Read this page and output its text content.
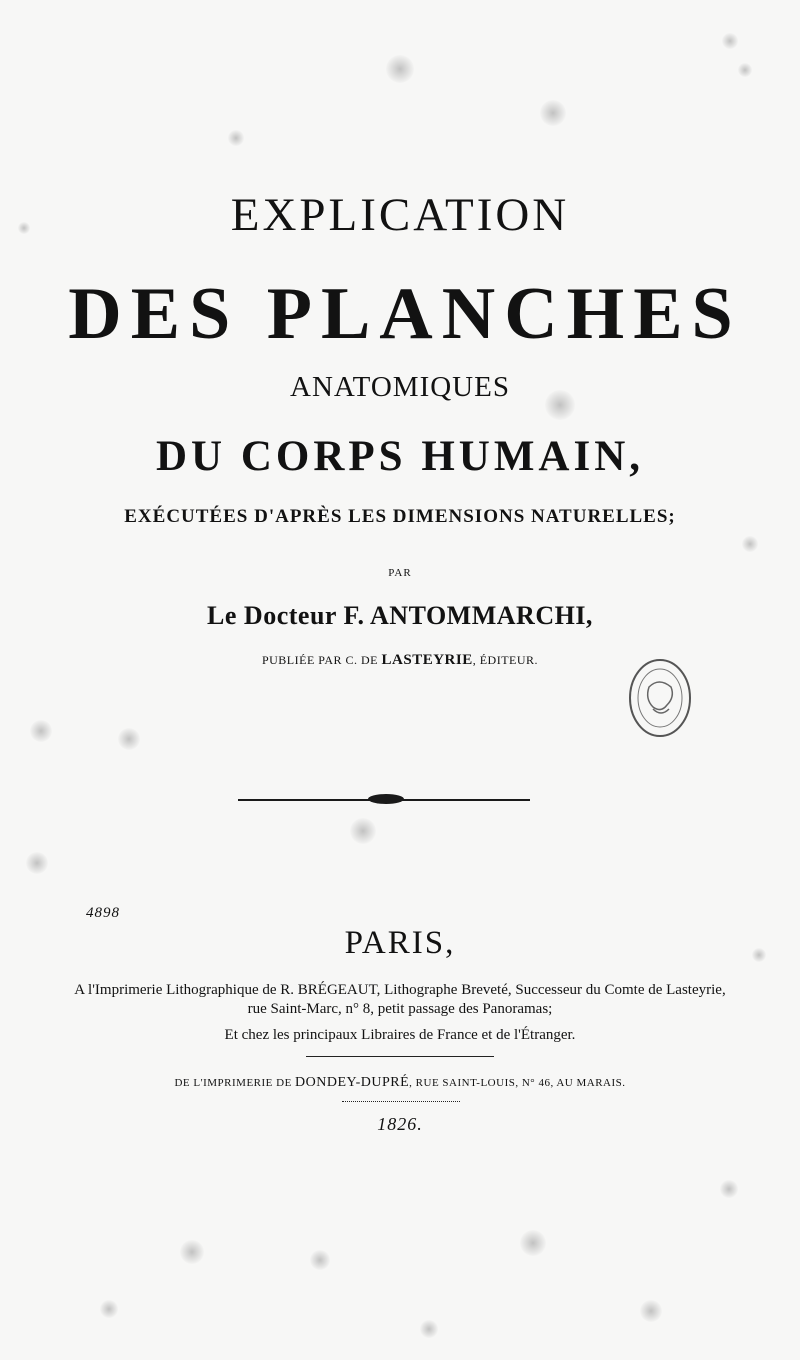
EXPLICATION
DES PLANCHES
ANATOMIQUES
DU CORPS HUMAIN,
EXÉCUTÉES D'APRÈS LES DIMENSIONS NATURELLES;
PAR
Le Docteur F. ANTOMMARCHI,
PUBLIÉE PAR C. DE LASTEYRIE, ÉDITEUR.
4898
PARIS,
A l'Imprimerie Lithographique de R. BRÉGEAUT, Lithographe Breveté, Successeur du Comte de Lasteyrie,
rue Saint-Marc, n° 8, petit passage des Panoramas;
Et chez les principaux Libraires de France et de l'Étranger.
DE L'IMPRIMERIE DE DONDEY-DUPRÉ, RUE SAINT-LOUIS, N° 46, AU MARAIS.
1826.
